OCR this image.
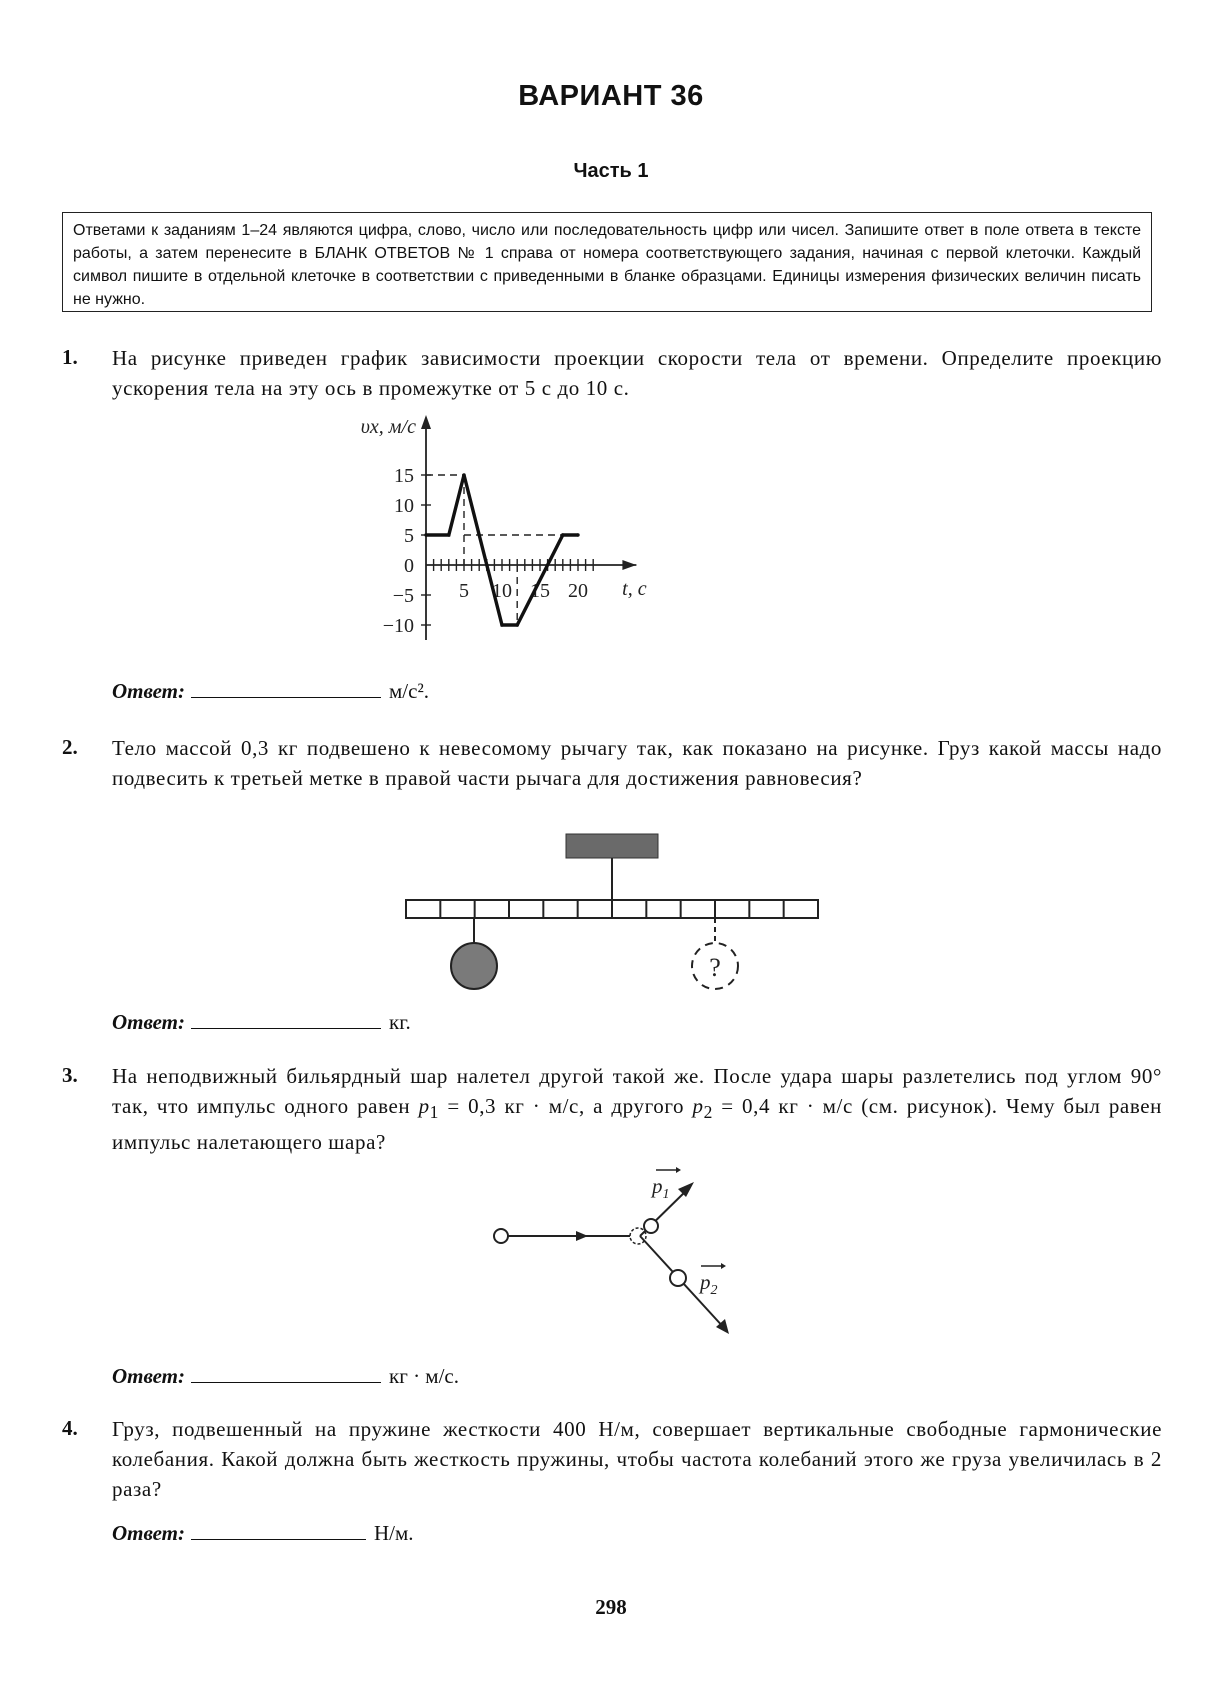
ВАРИАНТ 36
Часть 1
Ответами к заданиям 1–24 являются цифра, слово, число или последовательность цифр или чисел. Запишите ответ в поле ответа в тексте работы, а затем перенесите в БЛАНК ОТВЕТОВ № 1 справа от номера соответствующего задания, начиная с первой клеточки. Каждый символ пишите в отдельной клеточке в соответствии с приведенными в бланке образцами. Единицы измерения физических величин писать не нужно.
1. На рисунке приведен график зависимости проекции скорости тела от времени. Определите проекцию ускорения тела на эту ось в промежутке от 5 с до 10 с.
15
10
5
0
−5
−10
5 10 15 20
υx, м/с
t, с
Ответ:	м/с².
2. Тело массой 0,3 кг подвешено к невесомому рычагу так, как показано на рисунке. Груз какой массы надо подвесить к третьей метке в правой части рычага для достижения равновесия?
?
Ответ:	кг.
3. На неподвижный бильярдный шар налетел другой такой же. После удара шары разлетелись под углом 90° так, что импульс одного равен $p_1 = 0,3$ кг · м/с, а другого $p_2 = 0,4$ кг · м/с (см. рисунок). Чему был равен импульс налетающего шара?
$p_1$
$p_2$
Ответ:	кг · м/с.
4. Груз, подвешенный на пружине жесткости 400 Н/м, совершает вертикальные свободные гармонические колебания. Какой должна быть жесткость пружины, чтобы частота колебаний этого же груза увеличилась в 2 раза?
Ответ:	Н/м.
298
